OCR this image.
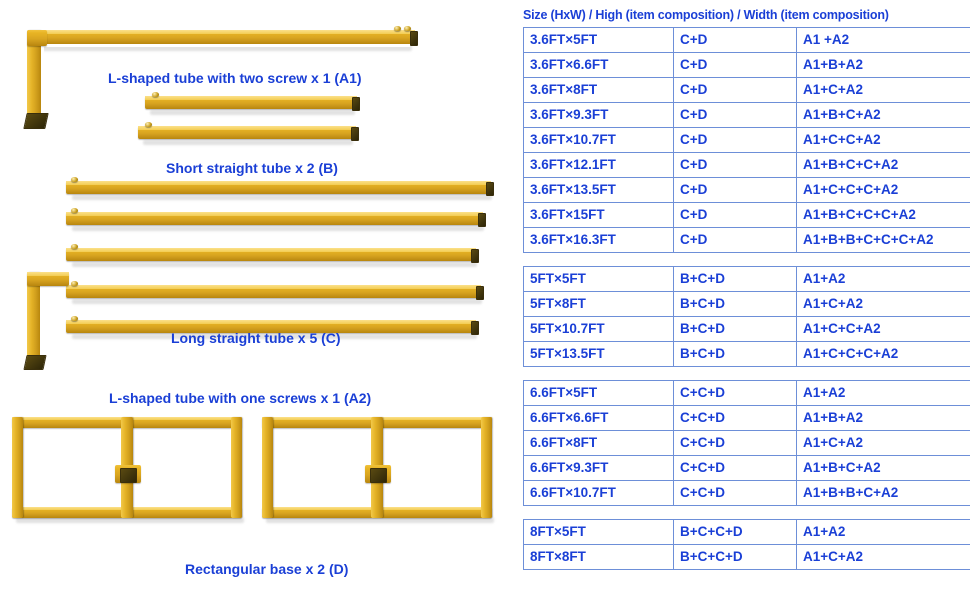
L-shaped tube with two screw x 1 (A1)
Short straight tube x 2 (B)
Long straight tube x 5 (C)
L-shaped tube with one screws x 1 (A2)
Rectangular base x 2 (D)
Size (HxW) / High (item composition) / Width (item composition)
3.6FT×5FT	C+D	A1 +A2
3.6FT×6.6FT	C+D	A1+B+A2
3.6FT×8FT	C+D	A1+C+A2
3.6FT×9.3FT	C+D	A1+B+C+A2
3.6FT×10.7FT	C+D	A1+C+C+A2
3.6FT×12.1FT	C+D	A1+B+C+C+A2
3.6FT×13.5FT	C+D	A1+C+C+C+A2
3.6FT×15FT	C+D	A1+B+C+C+C+A2
3.6FT×16.3FT	C+D	A1+B+B+C+C+C+A2
5FT×5FT	B+C+D	A1+A2
5FT×8FT	B+C+D	A1+C+A2
5FT×10.7FT	B+C+D	A1+C+C+A2
5FT×13.5FT	B+C+D	A1+C+C+C+A2
6.6FT×5FT	C+C+D	A1+A2
6.6FT×6.6FT	C+C+D	A1+B+A2
6.6FT×8FT	C+C+D	A1+C+A2
6.6FT×9.3FT	C+C+D	A1+B+C+A2
6.6FT×10.7FT	C+C+D	A1+B+B+C+A2
8FT×5FT	B+C+C+D	A1+A2
8FT×8FT	B+C+C+D	A1+C+A2
